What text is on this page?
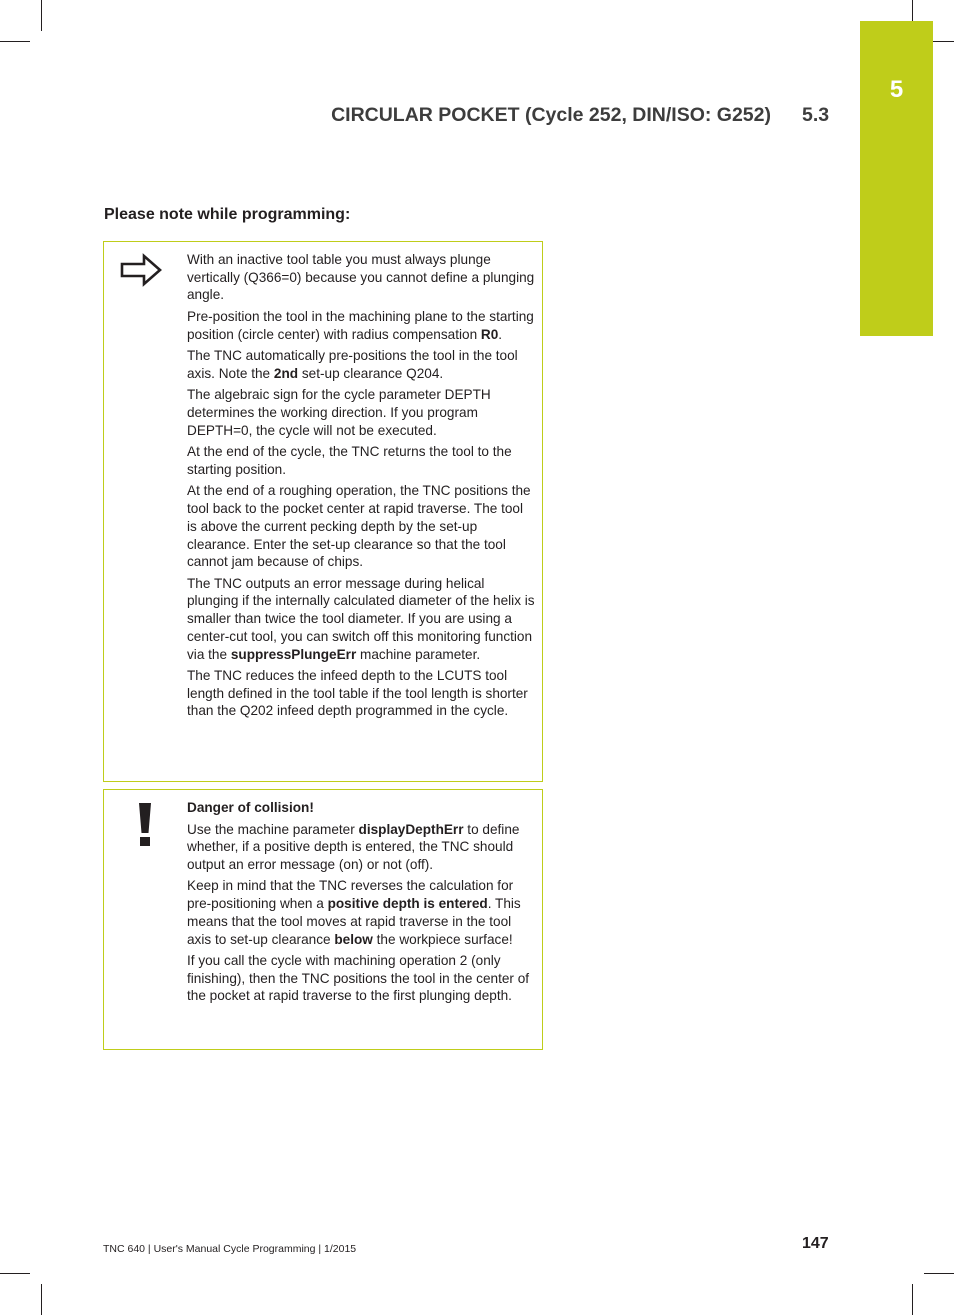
5
CIRCULAR POCKET (Cycle 252, DIN/ISO: G252) 5.3
Please note while programming:

With an inactive tool table you must always plunge vertically (Q366=0) because you cannot define a plunging angle.

Pre-position the tool in the machining plane to the starting position (circle center) with radius compensation R0.

The TNC automatically pre-positions the tool in the tool axis. Note the 2nd set-up clearance Q204.

The algebraic sign for the cycle parameter DEPTH determines the working direction. If you program DEPTH=0, the cycle will not be executed.

At the end of the cycle, the TNC returns the tool to the starting position.

At the end of a roughing operation, the TNC positions the tool back to the pocket center at rapid traverse. The tool is above the current pecking depth by the set-up clearance. Enter the set-up clearance so that the tool cannot jam because of chips.

The TNC outputs an error message during helical plunging if the internally calculated diameter of the helix is smaller than twice the tool diameter. If you are using a center-cut tool, you can switch off this monitoring function via the suppressPlungeErr machine parameter.

The TNC reduces the infeed depth to the LCUTS tool length defined in the tool table if the tool length is shorter than the Q202 infeed depth programmed in the cycle.

Danger of collision!

Use the machine parameter displayDepthErr to define whether, if a positive depth is entered, the TNC should output an error message (on) or not (off).

Keep in mind that the TNC reverses the calculation for pre-positioning when a positive depth is entered. This means that the tool moves at rapid traverse in the tool axis to set-up clearance below the workpiece surface!

If you call the cycle with machining operation 2 (only finishing), then the TNC positions the tool in the center of the pocket at rapid traverse to the first plunging depth.

TNC 640 | User's Manual Cycle Programming | 1/2015	147
